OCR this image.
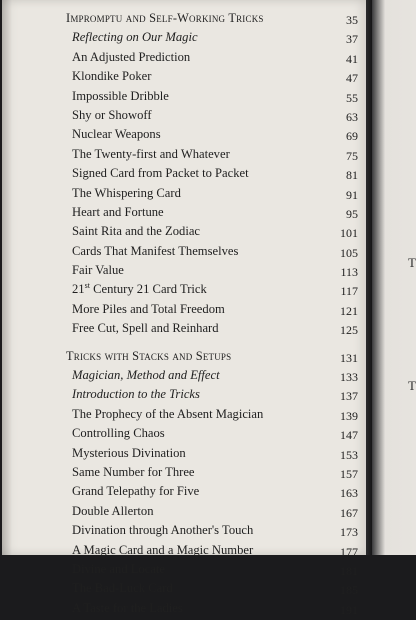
Impromptu and Self-Working Tricks	35
Reflecting on Our Magic	37
An Adjusted Prediction	41
Klondike Poker	47
Impossible Dribble	55
Shy or Showoff	63
Nuclear Weapons	69
The Twenty-first and Whatever	75
Signed Card from Packet to Packet	81
The Whispering Card	91
Heart and Fortune	95
Saint Rita and the Zodiac	101
Cards That Manifest Themselves	105
Fair Value	113
21st Century 21 Card Trick	117
More Piles and Total Freedom	121
Free Cut, Spell and Reinhard	125
Tricks with Stacks and Setups	131
Magician, Method and Effect	133
Introduction to the Tricks	137
The Prophecy of the Absent Magician	139
Controlling Chaos	147
Mysterious Divination	153
Same Number for Three	157
Grand Telepathy for Five	163
Double Allerton	167
Divination through Another's Touch	173
A Magic Card and a Magic Number	177
Divine and Locate	181
The Bad-Luck Card	185
A Taste for the Ladies	191
T
T
